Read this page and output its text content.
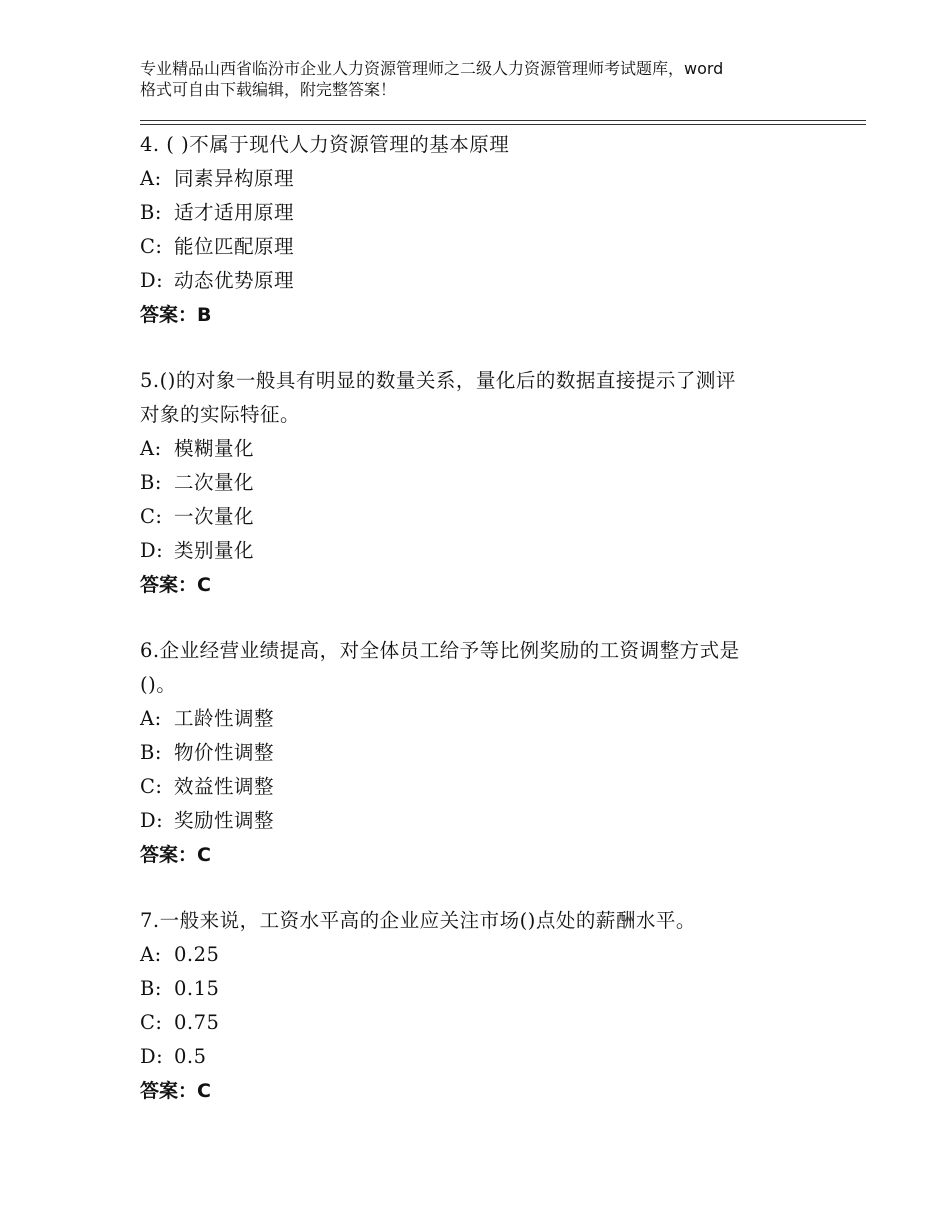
专业精品山西省临汾市企业人力资源管理师之二级人力资源管理师考试题库，word
格式可自由下载编辑，附完整答案！
4. ( )不属于现代人力资源管理的基本原理
A: 同素异构原理
B: 适才适用原理
C: 能位匹配原理
D: 动态优势原理
答案：B
5.()的对象一般具有明显的数量关系，量化后的数据直接提示了测评
对象的实际特征。
A: 模糊量化
B: 二次量化
C: 一次量化
D: 类别量化
答案：C
6.企业经营业绩提高，对全体员工给予等比例奖励的工资调整方式是
()。
A: 工龄性调整
B: 物价性调整
C: 效益性调整
D: 奖励性调整
答案：C
7.一般来说，工资水平高的企业应关注市场()点处的薪酬水平。
A: 0.25
B: 0.15
C: 0.75
D: 0.5
答案：C
